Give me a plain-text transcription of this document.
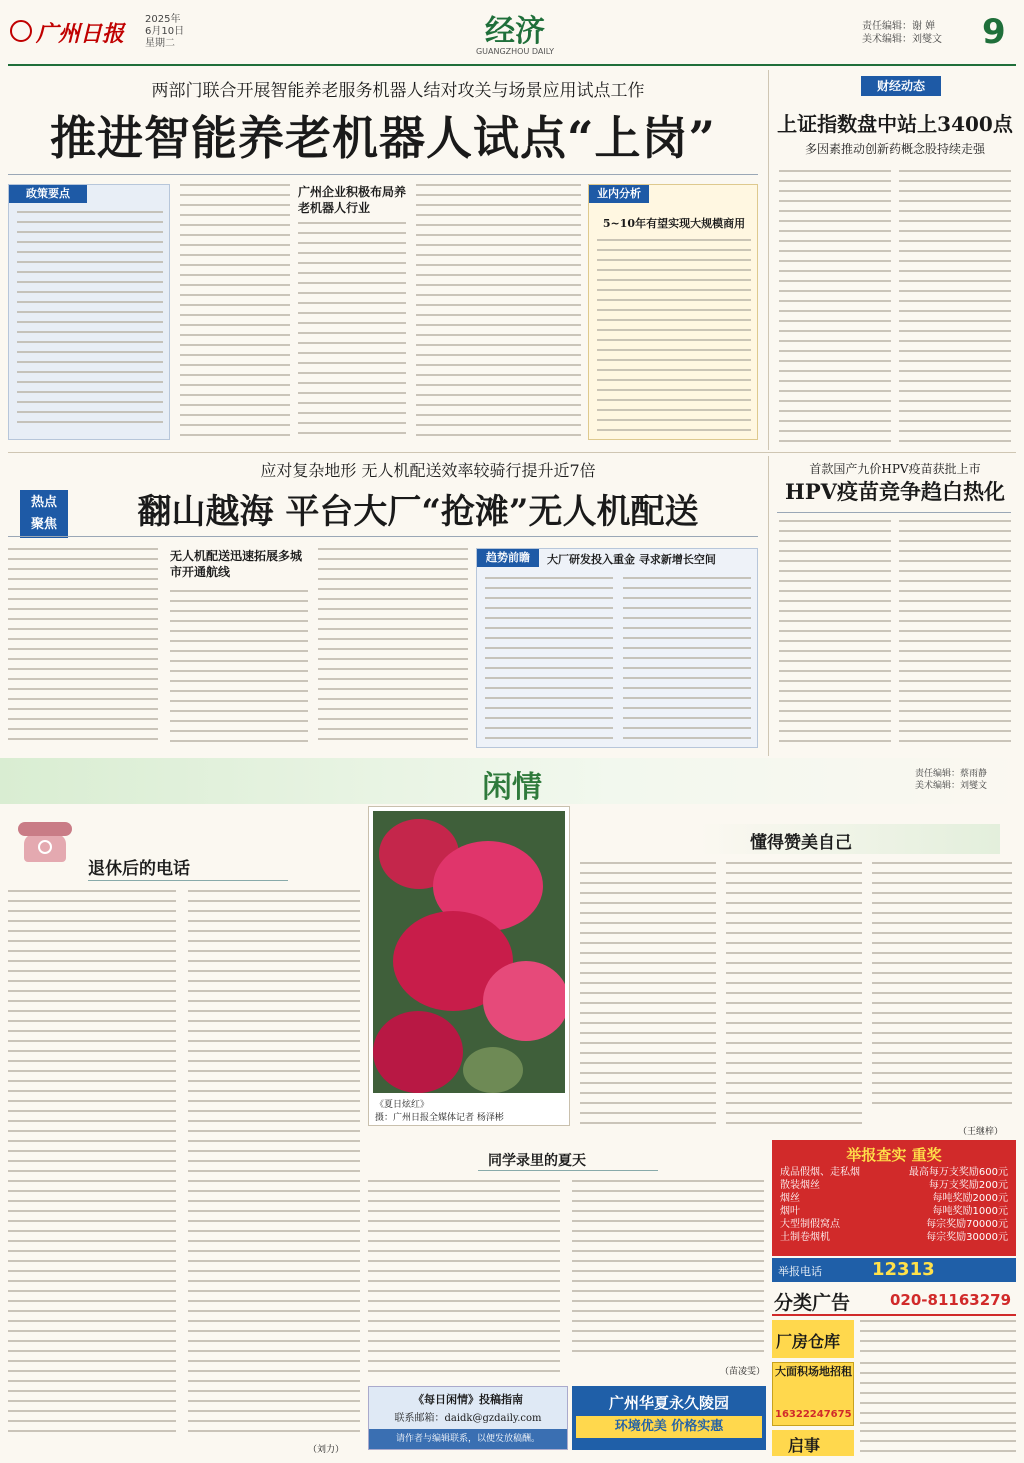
广州日报
2025年
6月10日
星期二	经济
GUANGZHOU DAILY
责任编辑：谢 婵
美术编辑：刘燮文 9
两部门联合开展智能养老服务机器人结对攻关与场景应用试点工作
推进智能养老机器人试点“上岗”
政策要点	广州企业积极布局养老机器人行业
业内分析
5~10年有望实现大规模商用
财经动态
上证指数盘中站上3400点
多因素推动创新药概念股持续走强
应对复杂地形 无人机配送效率较骑行提升近7倍
热点
聚焦	翻山越海 平台大厂“抢滩”无人机配送
无人机配送迅速拓展多城市开通航线
趋势前瞻	大厂研发投入重金 寻求新增长空间
首款国产九价HPV疫苗获批上市
HPV疫苗竞争趋白热化
闲情	责任编辑：蔡雨静
美术编辑：刘燮文
退休后的电话
（刘力）
《夏日炫红》
摄：广州日报全媒体记者 杨泽彬
懂得赞美自己
（王继梓）
同学录里的夏天
（苗凌雯）
《每日闲情》投稿指南
联系邮箱：daidk@gzdaily.com
请作者与编辑联系，以便发放稿酬。
广州华夏永久陵园
环境优美 价格实惠
举报查实 重奖
成品假烟、走私烟	最高每万支奖励600元
散装烟丝	每万支奖励200元
烟丝	每吨奖励2000元
烟叶	每吨奖励1000元
大型制假窝点	每宗奖励70000元
土制卷烟机	每宗奖励30000元
举报电话	12313
分类广告	020-81163279
厂房仓库
大面积场地招租
16322247675
启事
